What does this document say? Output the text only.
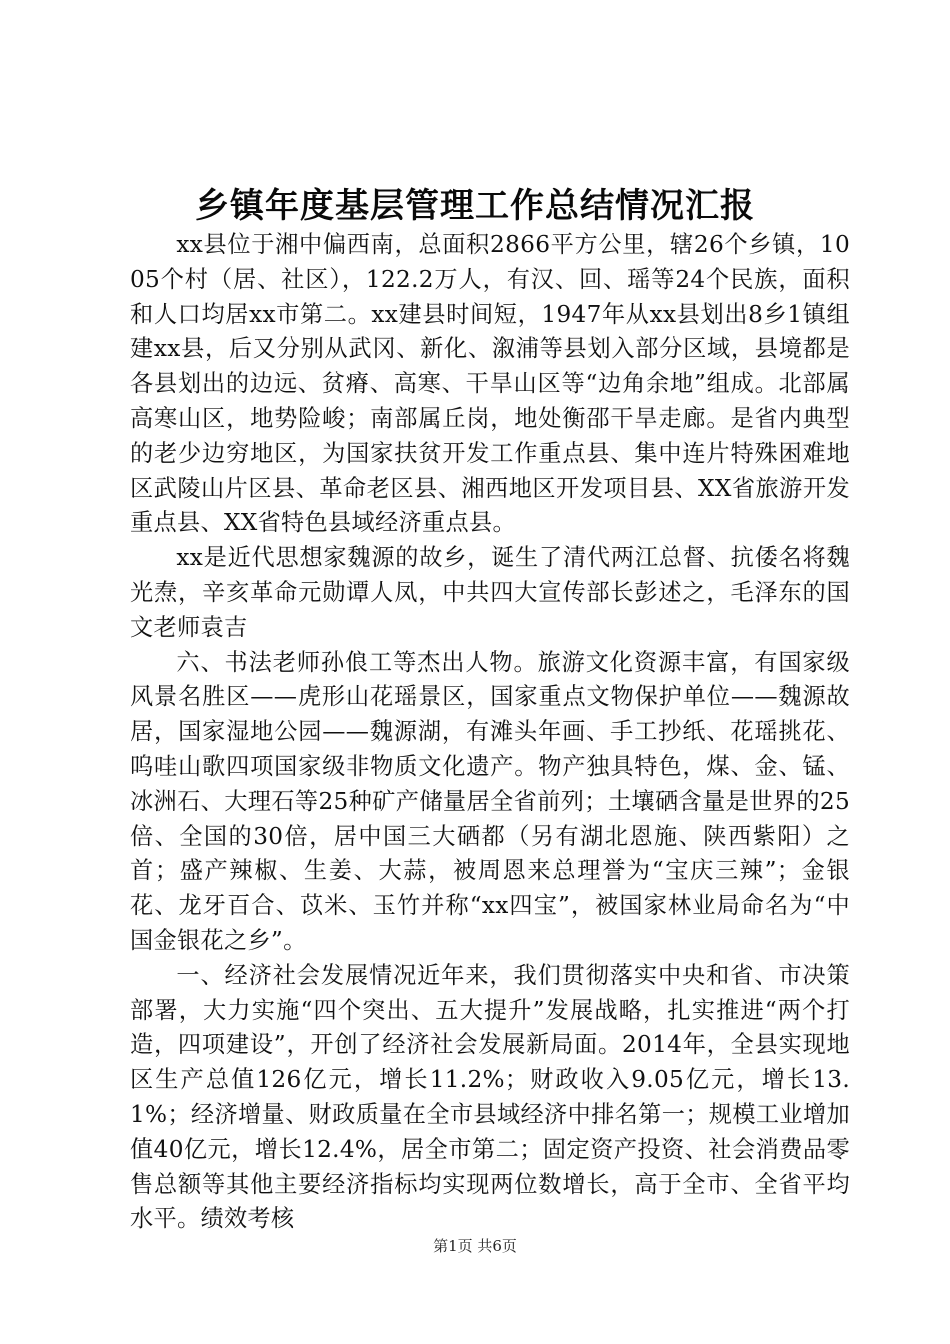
乡镇年度基层管理工作总结情况汇报

xx县位于湘中偏西南，总面积2866平方公里，辖26个乡镇，1005个村（居、社区），122.2万人，有汉、回、瑶等24个民族，面积和人口均居xx市第二。xx建县时间短，1947年从xx县划出8乡1镇组建xx县，后又分别从武冈、新化、溆浦等县划入部分区域，县境都是各县划出的边远、贫瘠、高寒、干旱山区等“边角余地”组成。北部属高寒山区，地势险峻；南部属丘岗，地处衡邵干旱走廊。是省内典型的老少边穷地区，为国家扶贫开发工作重点县、集中连片特殊困难地区武陵山片区县、革命老区县、湘西地区开发项目县、XX省旅游开发重点县、XX省特色县域经济重点县。

xx是近代思想家魏源的故乡，诞生了清代两江总督、抗倭名将魏光焘，辛亥革命元勋谭人凤，中共四大宣传部长彭述之，毛泽东的国文老师袁吉

六、书法老师孙俍工等杰出人物。旅游文化资源丰富，有国家级风景名胜区——虎形山花瑶景区，国家重点文物保护单位——魏源故居，国家湿地公园——魏源湖，有滩头年画、手工抄纸、花瑶挑花、呜哇山歌四项国家级非物质文化遗产。物产独具特色，煤、金、锰、冰洲石、大理石等25种矿产储量居全省前列；土壤硒含量是世界的25倍、全国的30倍，居中国三大硒都（另有湖北恩施、陕西紫阳）之首；盛产辣椒、生姜、大蒜，被周恩来总理誉为“宝庆三辣”；金银花、龙牙百合、苡米、玉竹并称“xx四宝”，被国家林业局命名为“中国金银花之乡”。

一、经济社会发展情况近年来，我们贯彻落实中央和省、市决策部署，大力实施“四个突出、五大提升”发展战略，扎实推进“两个打造，四项建设”，开创了经济社会发展新局面。2014年，全县实现地区生产总值126亿元，增长11.2%；财政收入9.05亿元，增长13.1%；经济增量、财政质量在全市县域经济中排名第一；规模工业增加值40亿元，增长12.4%，居全市第二；固定资产投资、社会消费品零售总额等其他主要经济指标均实现两位数增长，高于全市、全省平均水平。绩效考核

第1页 共6页
